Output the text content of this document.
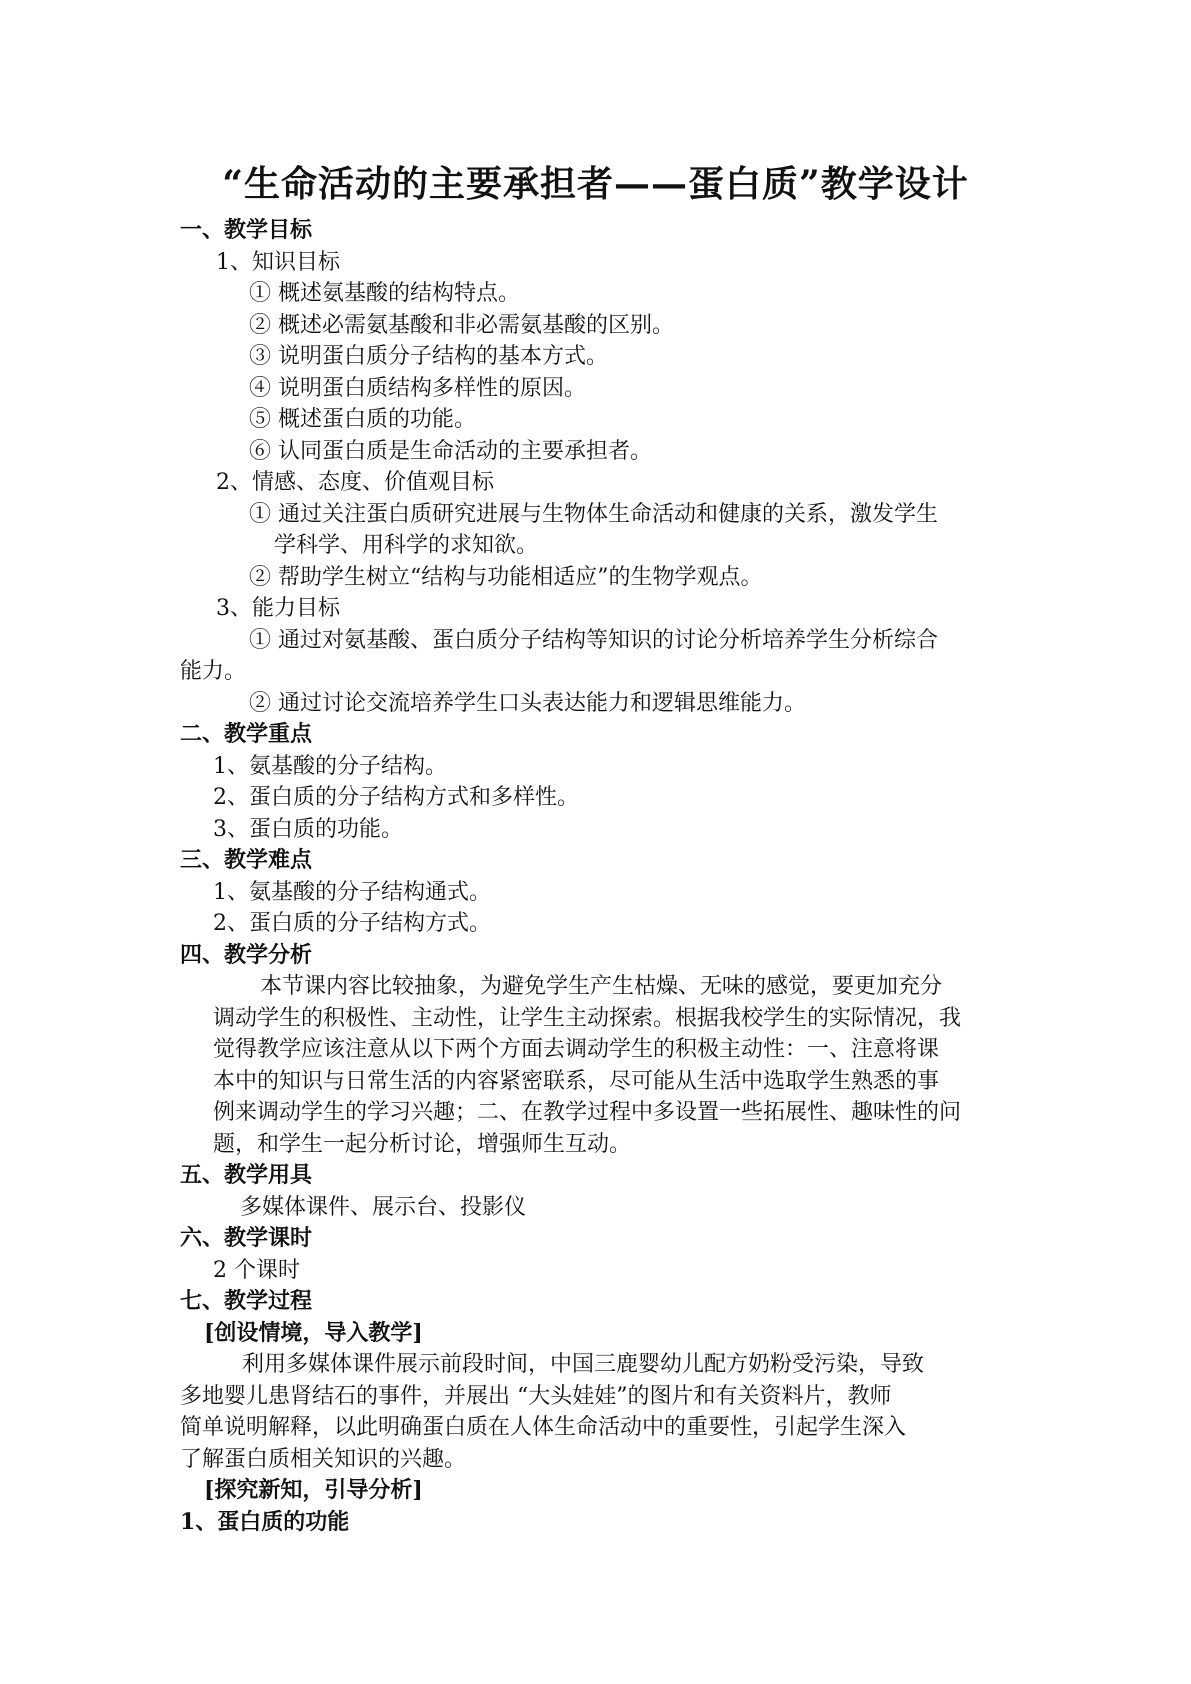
“生命活动的主要承担者——蛋白质”教学设计
一、教学目标
1、知识目标
① 概述氨基酸的结构特点。
② 概述必需氨基酸和非必需氨基酸的区别。
③ 说明蛋白质分子结构的基本方式。
④ 说明蛋白质结构多样性的原因。
⑤ 概述蛋白质的功能。
⑥ 认同蛋白质是生命活动的主要承担者。
2、情感、态度、价值观目标
① 通过关注蛋白质研究进展与生物体生命活动和健康的关系，激发学生
学科学、用科学的求知欲。
② 帮助学生树立“结构与功能相适应”的生物学观点。
3、能力目标
① 通过对氨基酸、蛋白质分子结构等知识的讨论分析培养学生分析综合
能力。
② 通过讨论交流培养学生口头表达能力和逻辑思维能力。
二、教学重点
1、氨基酸的分子结构。
2、蛋白质的分子结构方式和多样性。
3、蛋白质的功能。
三、教学难点
1、氨基酸的分子结构通式。
2、蛋白质的分子结构方式。
四、教学分析
本节课内容比较抽象，为避免学生产生枯燥、无味的感觉，要更加充分
调动学生的积极性、主动性，让学生主动探索。根据我校学生的实际情况，我
觉得教学应该注意从以下两个方面去调动学生的积极主动性：一、注意将课
本中的知识与日常生活的内容紧密联系，尽可能从生活中选取学生熟悉的事
例来调动学生的学习兴趣；二、在教学过程中多设置一些拓展性、趣味性的问
题，和学生一起分析讨论，增强师生互动。
五、教学用具
多媒体课件、展示台、投影仪
六、教学课时
2 个课时
七、教学过程
[创设情境，导入教学]
利用多媒体课件展示前段时间，中国三鹿婴幼儿配方奶粉受污染，导致
多地婴儿患肾结石的事件，并展出 “大头娃娃”的图片和有关资料片，教师
简单说明解释，以此明确蛋白质在人体生命活动中的重要性，引起学生深入
了解蛋白质相关知识的兴趣。
[探究新知，引导分析]
1、蛋白质的功能
